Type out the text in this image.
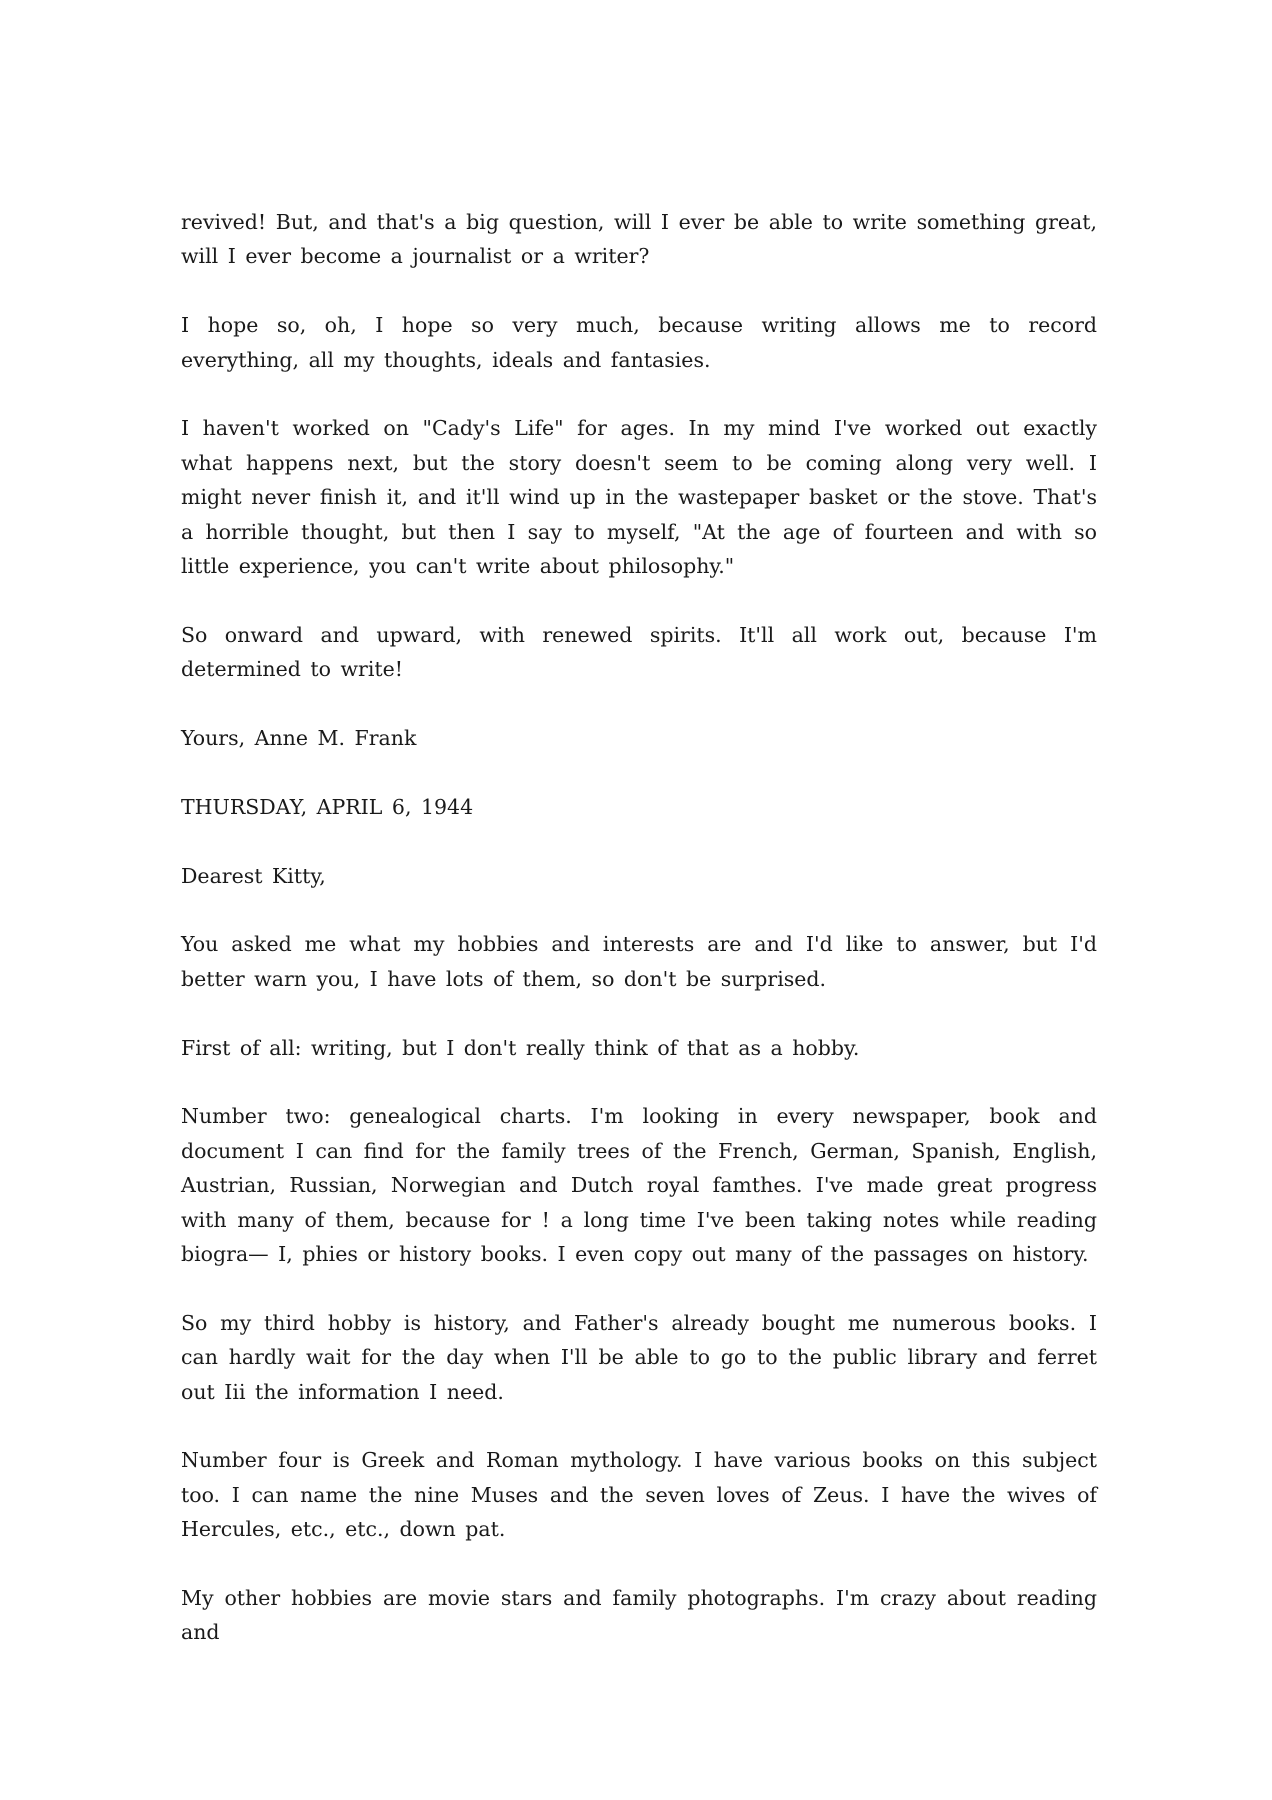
revived! But, and that's a big question, will I ever be able to write something great, will I ever become a journalist or a writer?

I hope so, oh, I hope so very much, because writing allows me to record everything, all my thoughts, ideals and fantasies.

I haven't worked on "Cady's Life" for ages. In my mind I've worked out exactly what happens next, but the story doesn't seem to be coming along very well. I might never finish it, and it'll wind up in the wastepaper basket or the stove. That's a horrible thought, but then I say to myself, "At the age of fourteen and with so little experience, you can't write about philosophy."

So onward and upward, with renewed spirits. It'll all work out, because I'm determined to write!

Yours, Anne M. Frank

THURSDAY, APRIL 6, 1944

Dearest Kitty,

You asked me what my hobbies and interests are and I'd like to answer, but I'd better warn you, I have lots of them, so don't be surprised.

First of all: writing, but I don't really think of that as a hobby.

Number two: genealogical charts. I'm looking in every newspaper, book and document I can find for the family trees of the French, German, Spanish, English, Austrian, Russian, Norwegian and Dutch royal famthes. I've made great progress with many of them, because for ! a long time I've been taking notes while reading biogra— I, phies or history books. I even copy out many of the passages on history.

So my third hobby is history, and Father's already bought me numerous books. I can hardly wait for the day when I'll be able to go to the public library and ferret out Iii the information I need.

Number four is Greek and Roman mythology. I have various books on this subject too. I can name the nine Muses and the seven loves of Zeus. I have the wives of Hercules, etc., etc., down pat.

My other hobbies are movie stars and family photographs. I'm crazy about reading and
